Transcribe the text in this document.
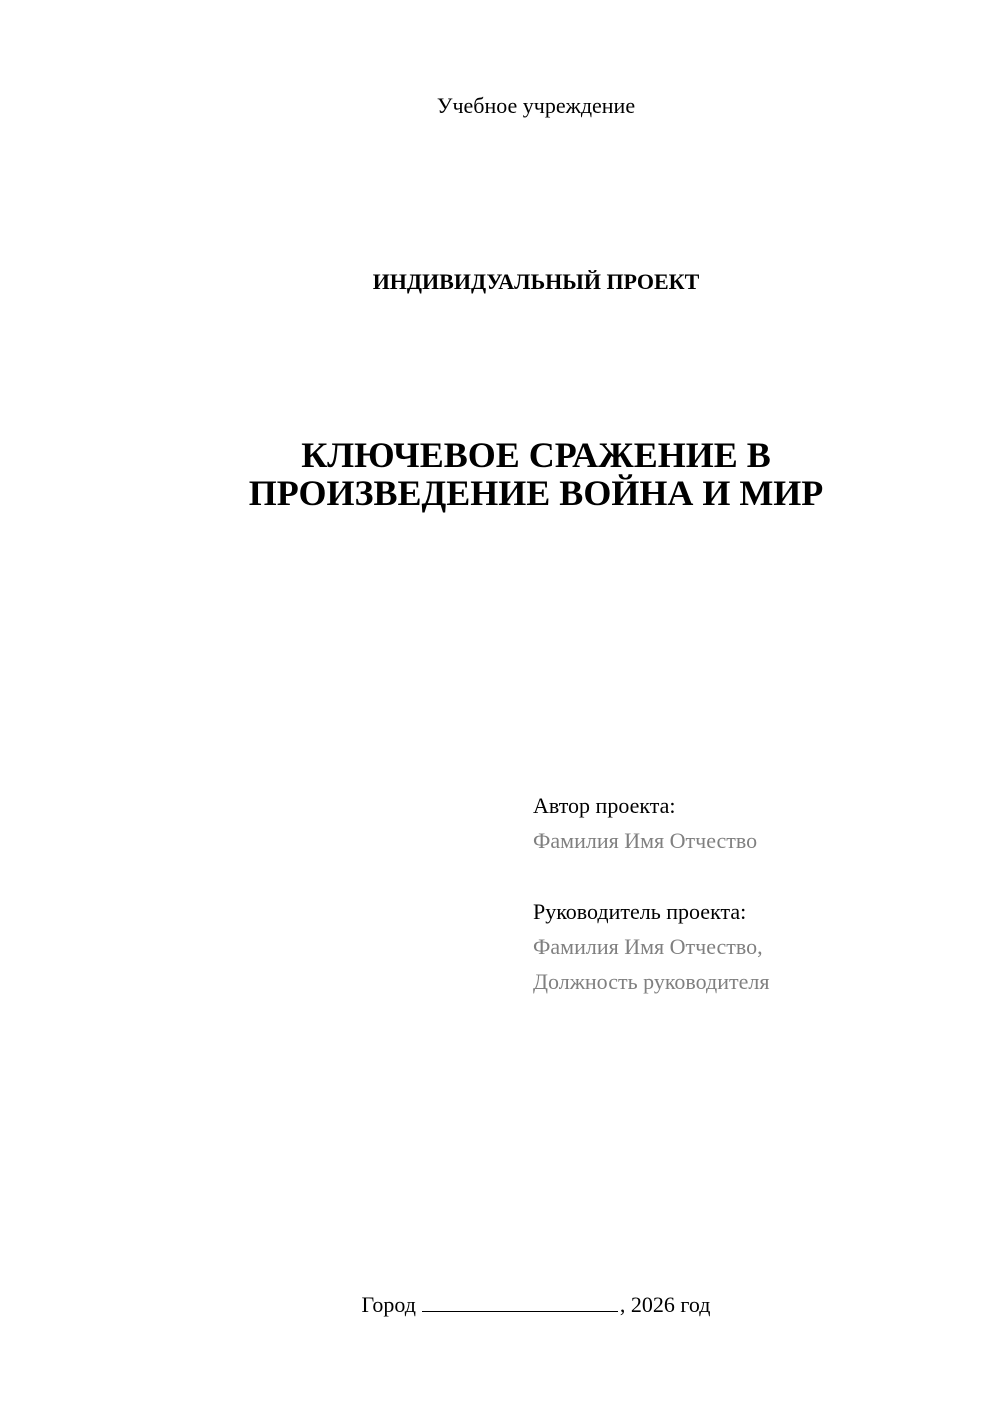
Учебное учреждение
ИНДИВИДУАЛЬНЫЙ ПРОЕКТ
КЛЮЧЕВОЕ СРАЖЕНИЕ В
ПРОИЗВЕДЕНИЕ ВОЙНА И МИР
Автор проекта:
Фамилия Имя Отчество
Руководитель проекта:
Фамилия Имя Отчество,
Должность руководителя
Город	, 2026 год
